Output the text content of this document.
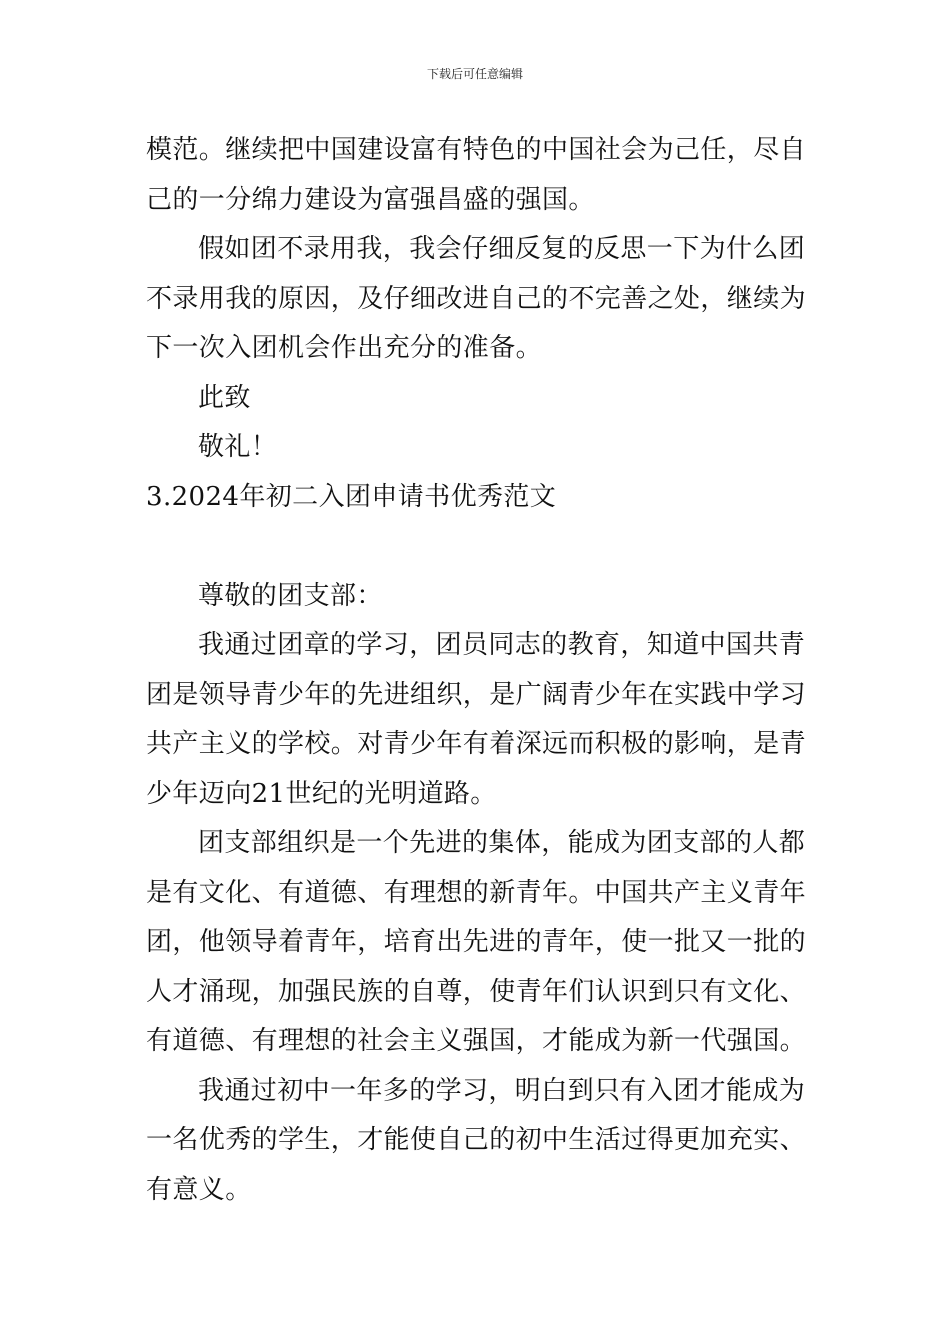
下载后可任意编辑
模范。继续把中国建设富有特色的中国社会为己任，尽自
己的一分绵力建设为富强昌盛的强国。
假如团不录用我，我会仔细反复的反思一下为什么团
不录用我的原因，及仔细改进自己的不完善之处，继续为
下一次入团机会作出充分的准备。
此致
敬礼！
3.2024年初二入团申请书优秀范文
尊敬的团支部：
我通过团章的学习，团员同志的教育，知道中国共青
团是领导青少年的先进组织，是广阔青少年在实践中学习
共产主义的学校。对青少年有着深远而积极的影响，是青
少年迈向21世纪的光明道路。
团支部组织是一个先进的集体，能成为团支部的人都
是有文化、有道德、有理想的新青年。中国共产主义青年
团，他领导着青年，培育出先进的青年，使一批又一批的
人才涌现，加强民族的自尊，使青年们认识到只有文化、
有道德、有理想的社会主义强国，才能成为新一代强国。
我通过初中一年多的学习，明白到只有入团才能成为
一名优秀的学生，才能使自己的初中生活过得更加充实、
有意义。
